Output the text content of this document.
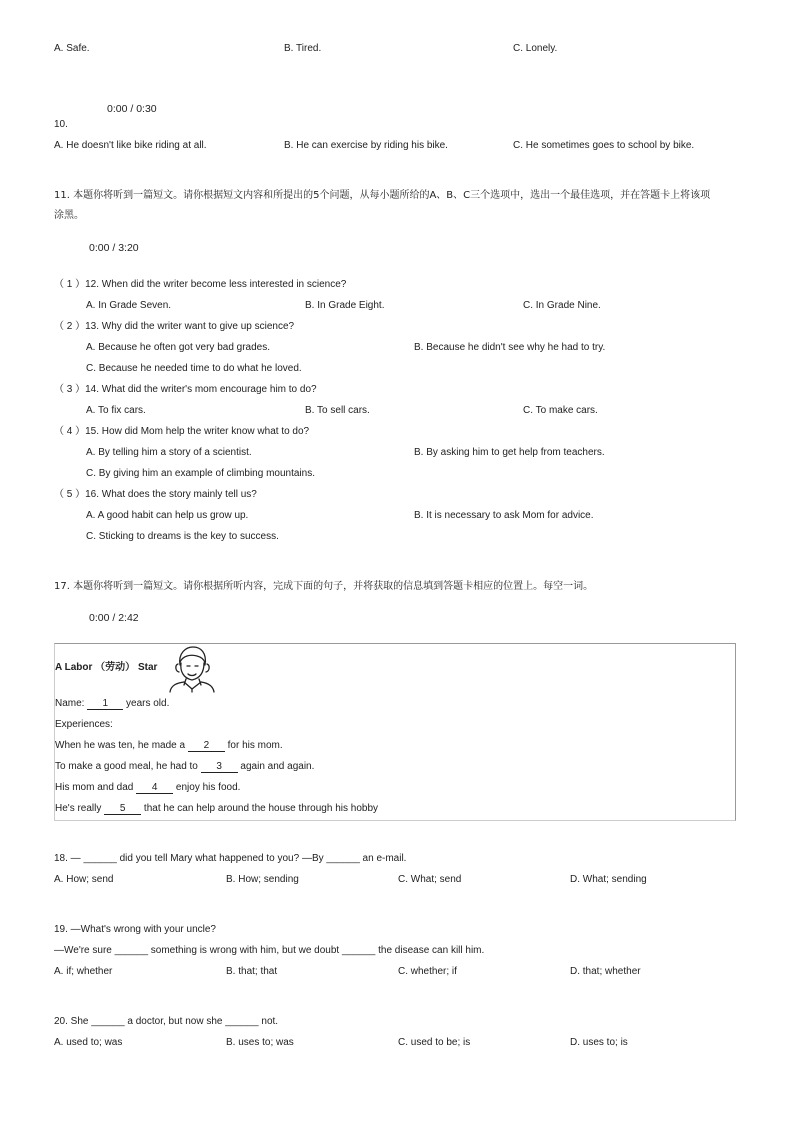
A. Safe.	B. Tired.	C. Lonely.
0:00 / 0:30
10.
A. He doesn't like bike riding at all.	B. He can exercise by riding his bike.	C. He sometimes goes to school by bike.
11. 本题你将听到一篇短文。请你根据短文内容和所提出的5个问题，从每小题所给的A、B、C三个选项中，选出一个最佳选项，并在答题卡上将该项
涂黑。
0:00 / 3:20
（ 1 ）12. When did the writer become less interested in science?
A. In Grade Seven.	B. In Grade Eight.	C. In Grade Nine.
（ 2 ）13. Why did the writer want to give up science?
A. Because he often got very bad grades.	B. Because he didn't see why he had to try.
C. Because he needed time to do what he loved.
（ 3 ）14. What did the writer's mom encourage him to do?
A. To fix cars.	B. To sell cars.	C. To make cars.
（ 4 ）15. How did Mom help the writer know what to do?
A. By telling him a story of a scientist.	B. By asking him to get help from teachers.
C. By giving him an example of climbing mountains.
（ 5 ）16. What does the story mainly tell us?
A. A good habit can help us grow up.	B. It is necessary to ask Mom for advice.
C. Sticking to dreams is the key to success.
17. 本题你将听到一篇短文。请你根据所听内容，完成下面的句子，并将获取的信息填到答题卡相应的位置上。每空一词。
0:00 / 2:42
A Labor （劳动） Star
Name: 1 years old.
Experiences:
When he was ten, he made a 2 for his mom.
To make a good meal, he had to 3 again and again.
His mom and dad 4 enjoy his food.
He's really 5 that he can help around the house through his hobby
18. — ______ did you tell Mary what happened to you? —By ______ an e-mail.
A. How; send	B. How; sending	C. What; send	D. What; sending
19. —What's wrong with your uncle?
—We're sure ______ something is wrong with him, but we doubt ______ the disease can kill him.
A. if; whether	B. that; that	C. whether; if	D. that; whether
20. She ______ a doctor, but now she ______ not.
A. used to; was	B. uses to; was	C. used to be; is	D. uses to; is
